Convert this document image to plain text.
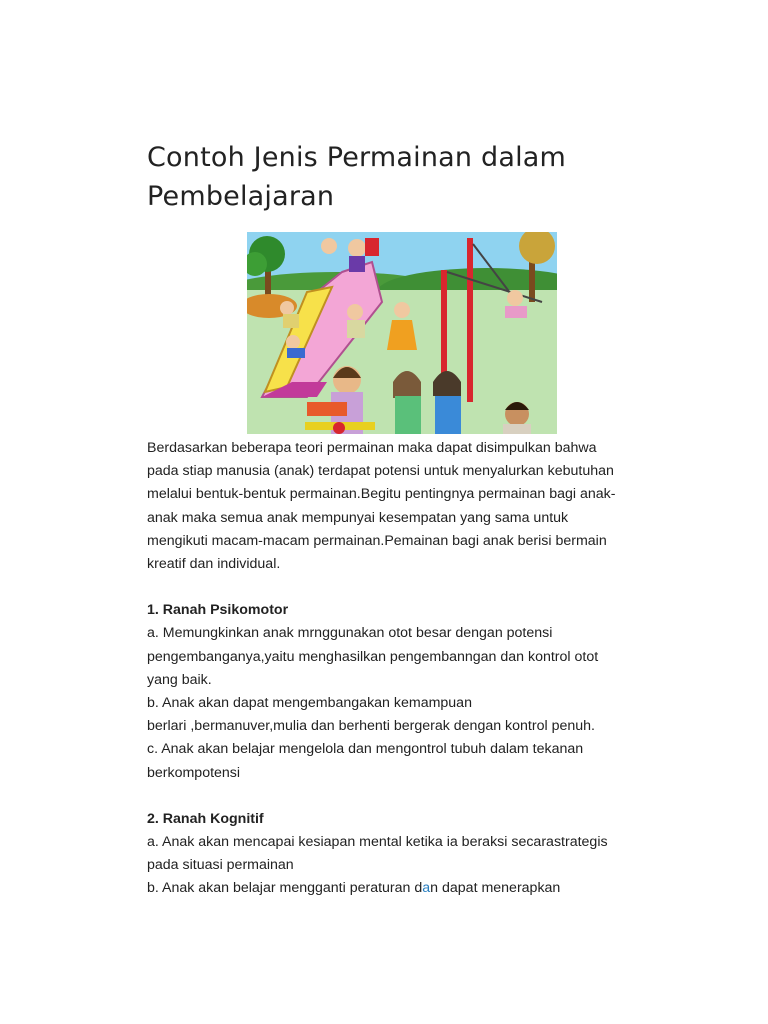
Contoh Jenis Permainan dalam
Pembelajaran

Berdasarkan beberapa teori permainan maka dapat disimpulkan bahwa
pada stiap manusia (anak) terdapat potensi untuk menyalurkan kebutuhan
melalui bentuk-bentuk permainan.Begitu pentingnya permainan bagi anak-
anak maka semua anak mempunyai kesempatan yang sama untuk
mengikuti macam-macam permainan.Pemainan bagi anak berisi bermain
kreatif dan individual.

1. Ranah Psikomotor
a. Memungkinkan anak mrnggunakan otot besar dengan potensi
pengembanganya,yaitu menghasilkan pengembanngan dan kontrol otot
yang baik.
b. Anak akan dapat mengembangakan kemampuan
berlari ,bermanuver,mulia dan berhenti bergerak dengan kontrol penuh.
c. Anak akan belajar mengelola dan mengontrol tubuh dalam tekanan
berkompotensi

2. Ranah Kognitif
a. Anak akan mencapai kesiapan mental ketika ia beraksi secarastrategis
pada situasi permainan
b. Anak akan belajar mengganti peraturan dan dapat menerapkan
